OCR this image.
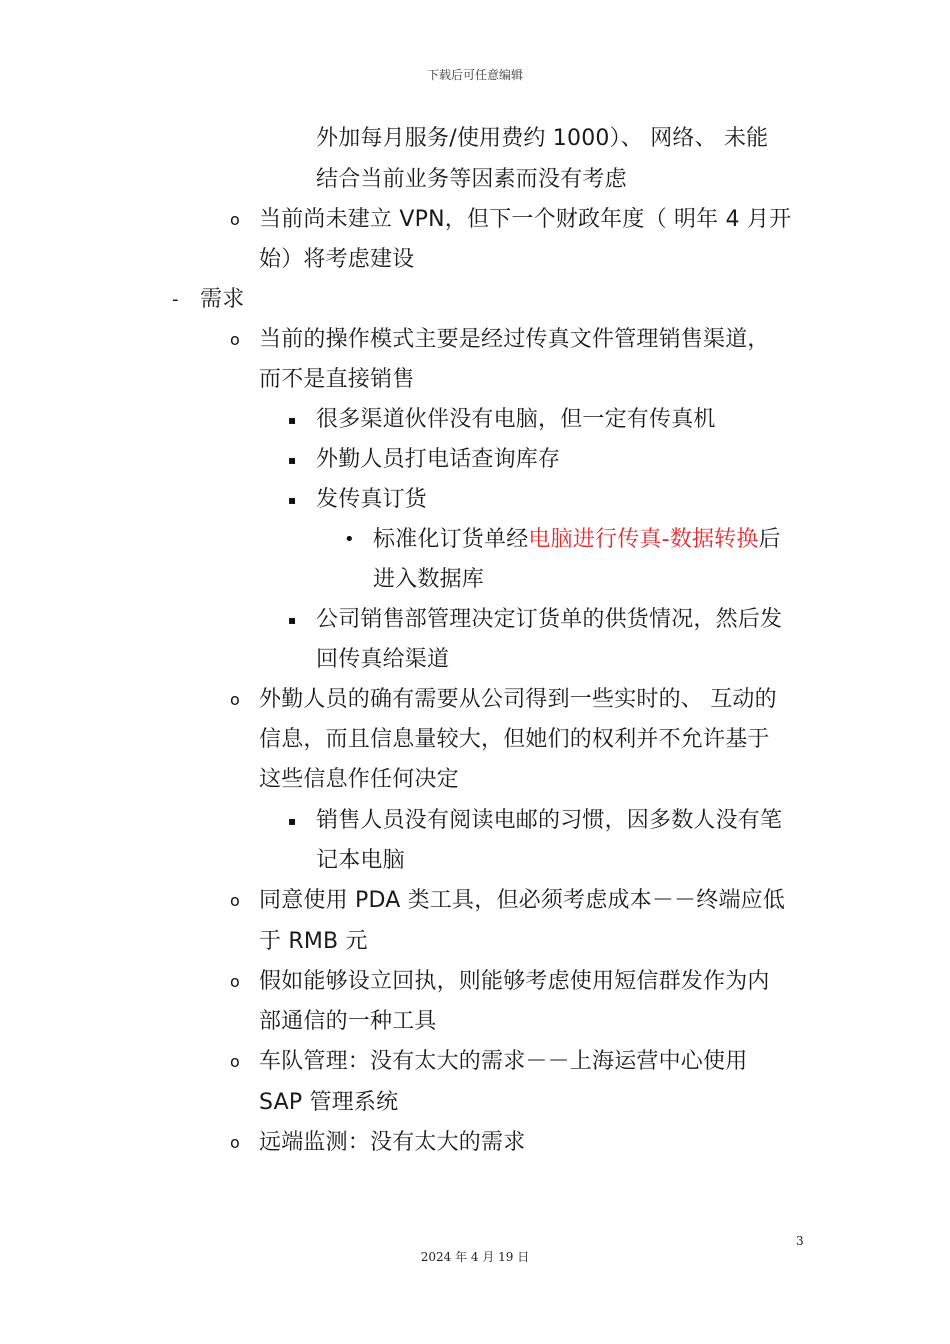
下载后可任意编辑
外加每月服务/使用费约 1000）、 网络、 未能
结合当前业务等因素而没有考虑
o 当前尚未建立 VPN，但下一个财政年度（ 明年 4 月开
始）将考虑建设
- 需求
o 当前的操作模式主要是经过传真文件管理销售渠道，
而不是直接销售
▪ 很多渠道伙伴没有电脑，但一定有传真机
▪ 外勤人员打电话查询库存
▪ 发传真订货
• 标准化订货单经电脑进行传真-数据转换后
进入数据库
▪ 公司销售部管理决定订货单的供货情况，然后发
回传真给渠道
o 外勤人员的确有需要从公司得到一些实时的、 互动的
信息，而且信息量较大，但她们的权利并不允许基于
这些信息作任何决定
▪ 销售人员没有阅读电邮的习惯，因多数人没有笔
记本电脑
o 同意使用 PDA 类工具，但必须考虑成本－－终端应低
于 RMB 元
o 假如能够设立回执，则能够考虑使用短信群发作为内
部通信的一种工具
o 车队管理：没有太大的需求－－上海运营中心使用
SAP 管理系统
o 远端监测：没有太大的需求
3
2024 年 4 月 19 日
